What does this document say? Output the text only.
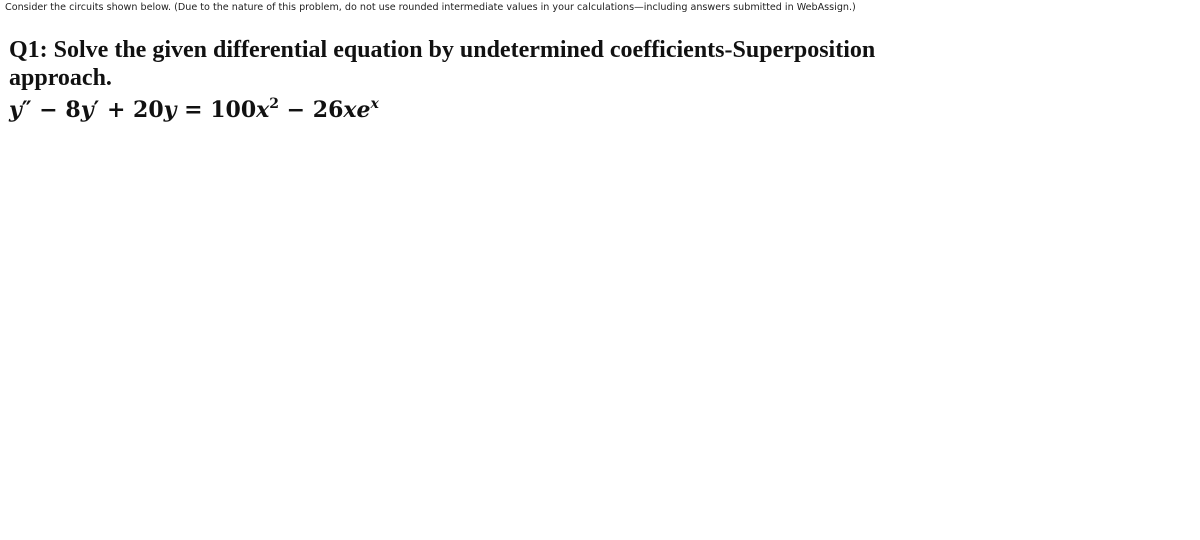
Consider the circuits shown below. (Due to the nature of this problem, do not use rounded intermediate values in your calculations—including answers submitted in WebAssign.)
Q1: Solve the given differential equation by undetermined coefficients-Superposition approach.
$y'' - 8y' + 20y = 100x^2 - 26xe^x$
